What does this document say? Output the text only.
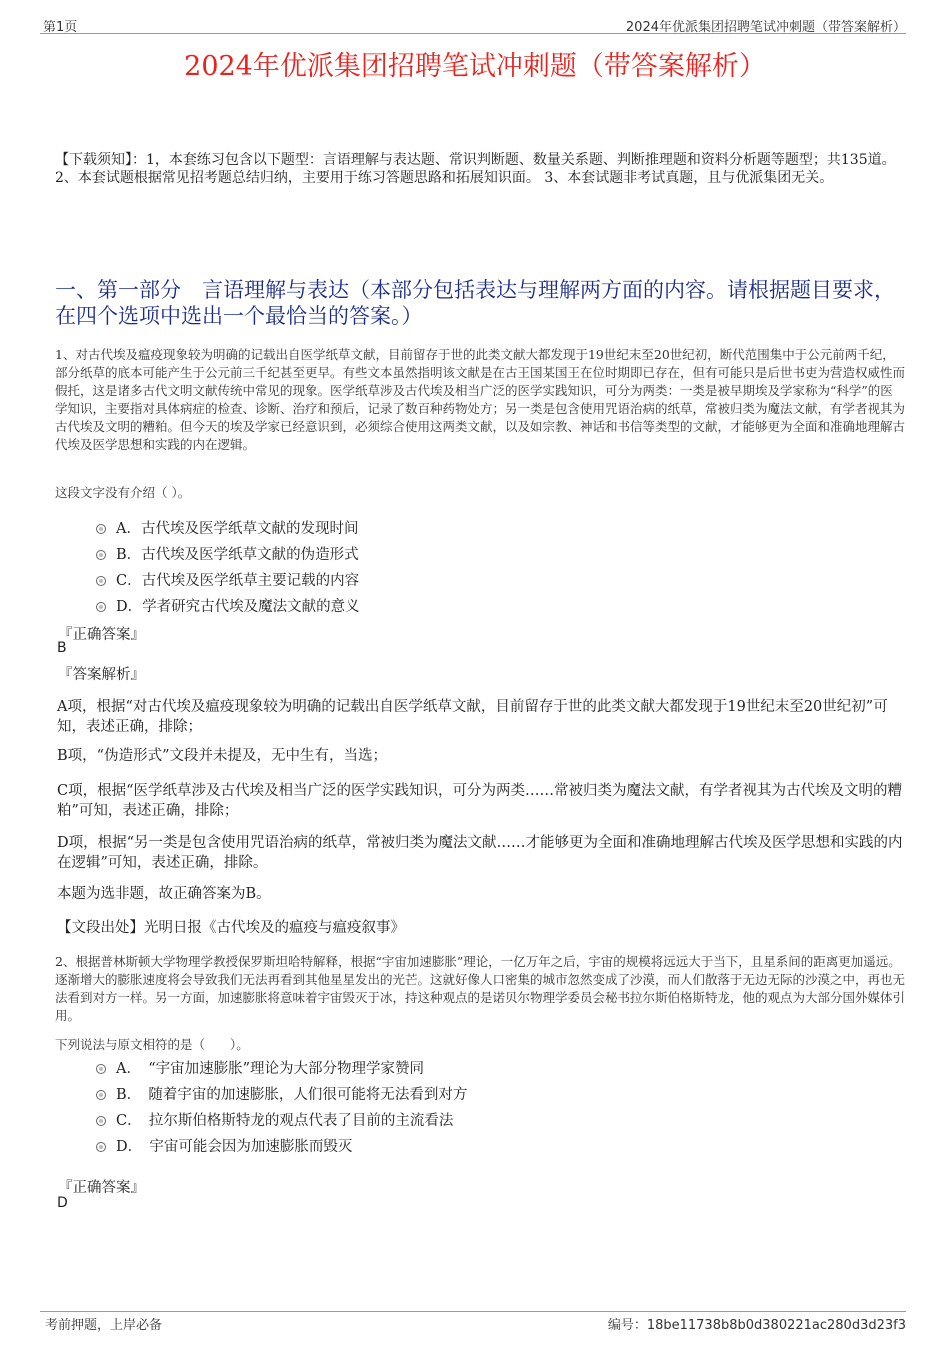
第1页	2024年优派集团招聘笔试冲刺题（带答案解析）
2024年优派集团招聘笔试冲刺题（带答案解析）
【下载须知】：1，本套练习包含以下题型：言语理解与表达题、常识判断题、数量关系题、判断推理题和资料分析题等题型；共135道。 2、本套试题根据常见招考题总结归纳，主要用于练习答题思路和拓展知识面。 3、本套试题非考试真题，且与优派集团无关。
一、第一部分　言语理解与表达（本部分包括表达与理解两方面的内容。请根据题目要求，在四个选项中选出一个最恰当的答案。）
1、对古代埃及瘟疫现象较为明确的记载出自医学纸草文献，目前留存于世的此类文献大都发现于19世纪末至20世纪初，断代范围集中于公元前两千纪，部分纸草的底本可能产生于公元前三千纪甚至更早。有些文本虽然指明该文献是在古王国某国王在位时期即已存在，但有可能只是后世书吏为营造权威性而假托，这是诸多古代文明文献传统中常见的现象。医学纸草涉及古代埃及相当广泛的医学实践知识，可分为两类：一类是被早期埃及学家称为“科学”的医学知识，主要指对具体病症的检查、诊断、治疗和预后，记录了数百种药物处方；另一类是包含使用咒语治病的纸草，常被归类为魔法文献，有学者视其为古代埃及文明的糟粕。但今天的埃及学家已经意识到，必须综合使用这两类文献，以及如宗教、神话和书信等类型的文献，才能够更为全面和准确地理解古代埃及医学思想和实践的内在逻辑。
这段文字没有介绍（ ）。
A．古代埃及医学纸草文献的发现时间
B．古代埃及医学纸草文献的伪造形式
C．古代埃及医学纸草主要记载的内容
D．学者研究古代埃及魔法文献的意义
『正确答案』
B
『答案解析』
A项，根据“对古代埃及瘟疫现象较为明确的记载出自医学纸草文献，目前留存于世的此类文献大都发现于19世纪末至20世纪初”可知，表述正确，排除；
B项，“伪造形式”文段并未提及，无中生有，当选；
C项，根据“医学纸草涉及古代埃及相当广泛的医学实践知识，可分为两类……常被归类为魔法文献，有学者视其为古代埃及文明的糟粕”可知，表述正确，排除；
D项，根据“另一类是包含使用咒语治病的纸草，常被归类为魔法文献……才能够更为全面和准确地理解古代埃及医学思想和实践的内在逻辑”可知，表述正确，排除。
本题为选非题，故正确答案为B。
【文段出处】光明日报《古代埃及的瘟疫与瘟疫叙事》
2、根据普林斯顿大学物理学教授保罗斯坦哈特解释，根据“宇宙加速膨胀”理论，一亿万年之后，宇宙的规模将远远大于当下，且星系间的距离更加遥远。逐渐增大的膨胀速度将会导致我们无法再看到其他星星发出的光芒。这就好像人口密集的城市忽然变成了沙漠，而人们散落于无边无际的沙漠之中，再也无法看到对方一样。另一方面，加速膨胀将意味着宇宙毁灭于冰，持这种观点的是诺贝尔物理学委员会秘书拉尔斯伯格斯特龙，他的观点为大部分国外媒体引用。
下列说法与原文相符的是（　　）。
A．　“宇宙加速膨胀”理论为大部分物理学家赞同
B．　随着宇宙的加速膨胀，人们很可能将无法看到对方
C．　拉尔斯伯格斯特龙的观点代表了目前的主流看法
D．　宇宙可能会因为加速膨胀而毁灭
『正确答案』
D
考前押题，上岸必备	编号：18be11738b8b0d380221ac280d3d23f3
